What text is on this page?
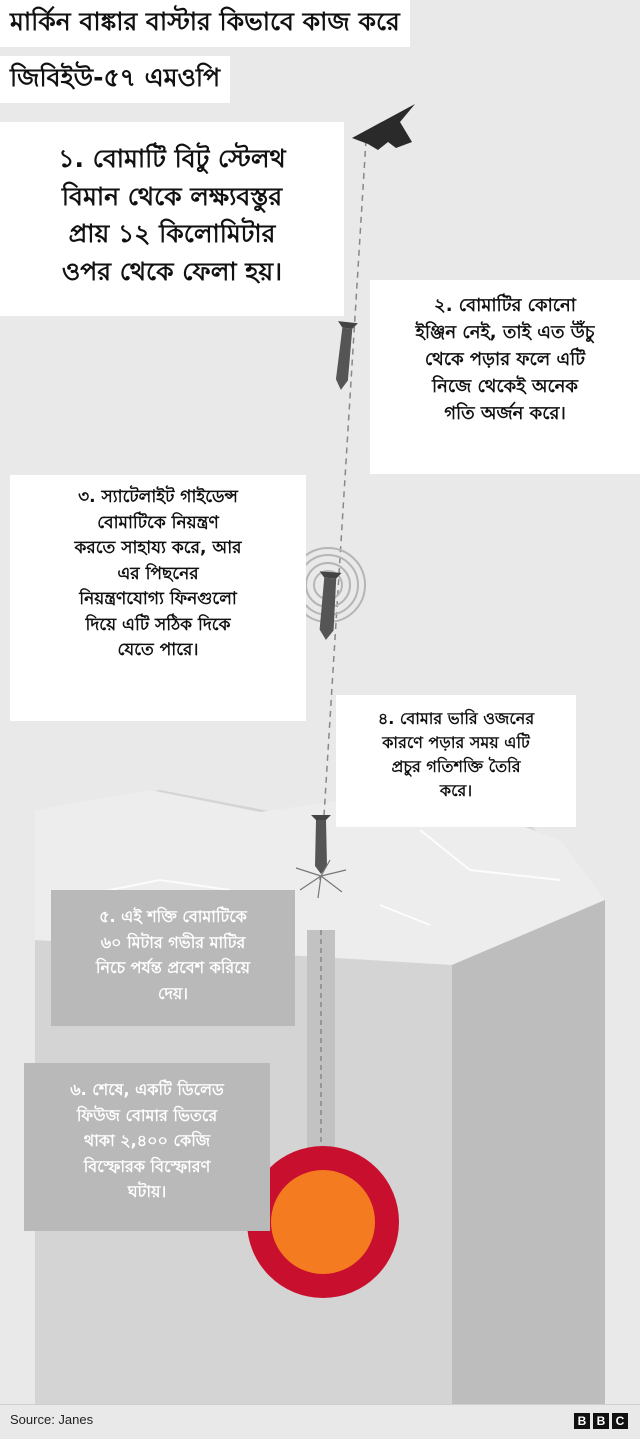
মার্কিন বাঙ্কার বাস্টার কিভাবে কাজ করে
জিবিইউ-৫৭ এমওপি
১. বোমাটি বিটু স্টেলথ
বিমান থেকে লক্ষ্যবস্তুর
প্রায় ১২ কিলোমিটার
ওপর থেকে ফেলা হয়।
২. বোমাটির কোনো
ইঞ্জিন নেই, তাই এত উঁচু
থেকে পড়ার ফলে এটি
নিজে থেকেই অনেক
গতি অর্জন করে।
৩. স্যাটেলাইট গাইডেন্স
বোমাটিকে নিয়ন্ত্রণ
করতে সাহায্য করে, আর
এর পিছনের
নিয়ন্ত্রণযোগ্য ফিনগুলো
দিয়ে এটি সঠিক দিকে
যেতে পারে।
৪. বোমার ভারি ওজনের
কারণে পড়ার সময় এটি
প্রচুর গতিশক্তি তৈরি
করে।
৫. এই শক্তি বোমাটিকে
৬০ মিটার গভীর মাটির
নিচে পর্যন্ত প্রবেশ করিয়ে
দেয়।
৬. শেষে, একটি ডিলেড
ফিউজ বোমার ভিতরে
থাকা ২,৪০০ কেজি
বিস্ফোরক বিস্ফোরণ
ঘটায়।
Source: Janes	B B C
